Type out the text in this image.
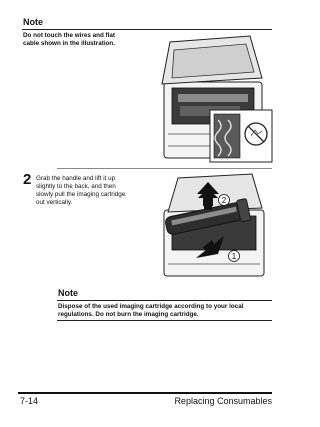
Note
Do not touch the wires and flat
cable shown in the illustration.
2 Grab the handle and lift it up
slightly to the back, and then
slowly pull the imaging cartridge
out vertically.	2
1
Note
Dispose of the used imaging cartridge according to your local
regulations. Do not burn the imaging cartridge.
7-14	Replacing Consumables
